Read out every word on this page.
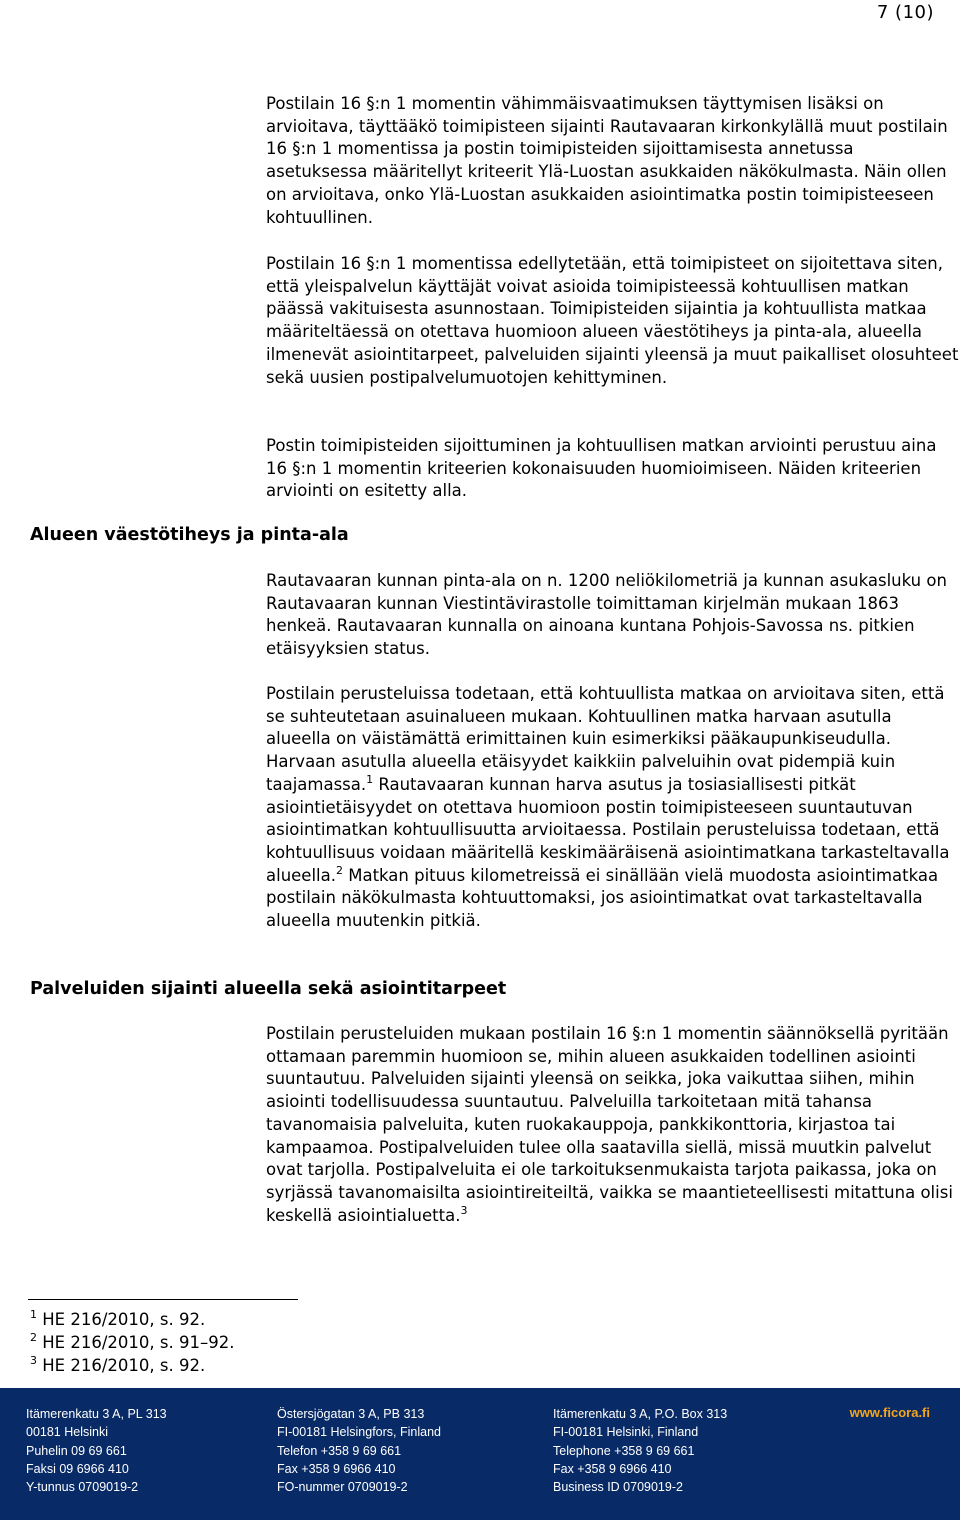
7 (10)

Postilain 16 §:n 1 momentin vähimmäisvaatimuksen täyttymisen lisäksi on arvioitava, täyttääkö toimipisteen sijainti Rautavaaran kirkonkylällä muut postilain 16 §:n 1 momentissa ja postin toimipisteiden sijoittamisesta annetussa asetuksessa määritellyt kriteerit Ylä-Luostan asukkaiden näkökulmasta. Näin ollen on arvioitava, onko Ylä-Luostan asukkaiden asiointimatka postin toimipisteeseen kohtuullinen.

Postilain 16 §:n 1 momentissa edellytetään, että toimipisteet on sijoitettava siten, että yleispalvelun käyttäjät voivat asioida toimipisteessä kohtuullisen matkan päässä vakituisesta asunnostaan. Toimipisteiden sijaintia ja kohtuullista matkaa määriteltäessä on otettava huomioon alueen väestötiheys ja pinta-ala, alueella ilmenevät asiointitarpeet, palveluiden sijainti yleensä ja muut paikalliset olosuhteet sekä uusien postipalvelumuotojen kehittyminen.

Postin toimipisteiden sijoittuminen ja kohtuullisen matkan arviointi perustuu aina 16 §:n 1 momentin kriteerien kokonaisuuden huomioimiseen. Näiden kriteerien arviointi on esitetty alla.

Alueen väestötiheys ja pinta-ala

Rautavaaran kunnan pinta-ala on n. 1200 neliökilometriä ja kunnan asukasluku on Rautavaaran kunnan Viestintävirastolle toimittaman kirjelmän mukaan 1863 henkeä. Rautavaaran kunnalla on ainoana kuntana Pohjois-Savossa ns. pitkien etäisyyksien status.

Postilain perusteluissa todetaan, että kohtuullista matkaa on arvioitava siten, että se suhteutetaan asuinalueen mukaan. Kohtuullinen matka harvaan asutulla alueella on väistämättä erimittainen kuin esimerkiksi pääkaupunkiseudulla. Harvaan asutulla alueella etäisyydet kaikkiin palveluihin ovat pidempiä kuin taajamassa.$^1$ Rautavaaran kunnan harva asutus ja tosiasiallisesti pitkät asiointietäisyydet on otettava huomioon postin toimipisteeseen suuntautuvan asiointimatkan kohtuullisuutta arvioitaessa. Postilain perusteluissa todetaan, että kohtuullisuus voidaan määritellä keskimääräisenä asiointimatkana tarkasteltavalla alueella.$^2$ Matkan pituus kilometreissä ei sinällään vielä muodosta asiointimatkaa postilain näkökulmasta kohtuuttomaksi, jos asiointimatkat ovat tarkasteltavalla alueella muutenkin pitkiä.

Palveluiden sijainti alueella sekä asiointitarpeet

Postilain perusteluiden mukaan postilain 16 §:n 1 momentin säännöksellä pyritään ottamaan paremmin huomioon se, mihin alueen asukkaiden todellinen asiointi suuntautuu. Palveluiden sijainti yleensä on seikka, joka vaikuttaa siihen, mihin asiointi todellisuudessa suuntautuu. Palveluilla tarkoitetaan mitä tahansa tavanomaisia palveluita, kuten ruokakauppoja, pankkikonttoria, kirjastoa tai kampaamoa. Postipalveluiden tulee olla saatavilla siellä, missä muutkin palvelut ovat tarjolla. Postipalveluita ei ole tarkoituksenmukaista tarjota paikassa, joka on syrjässä tavanomaisilta asiointireiteiltä, vaikka se maantieteellisesti mitattuna olisi keskellä asiointialuetta.$^3$

$^1$ HE 216/2010, s. 92.
$^2$ HE 216/2010, s. 91–92.
$^3$ HE 216/2010, s. 92.
Itämerenkatu 3 A, PL 313
00181 Helsinki
Puhelin 09 69 661
Faksi 09 6966 410
Y-tunnus 0709019-2
Östersjögatan 3 A, PB 313
FI-00181 Helsingfors, Finland
Telefon +358 9 69 661
Fax +358 9 6966 410
FO-nummer 0709019-2
Itämerenkatu 3 A, P.O. Box 313
FI-00181 Helsinki, Finland
Telephone +358 9 69 661
Fax +358 9 6966 410
Business ID 0709019-2
www.ficora.fi
